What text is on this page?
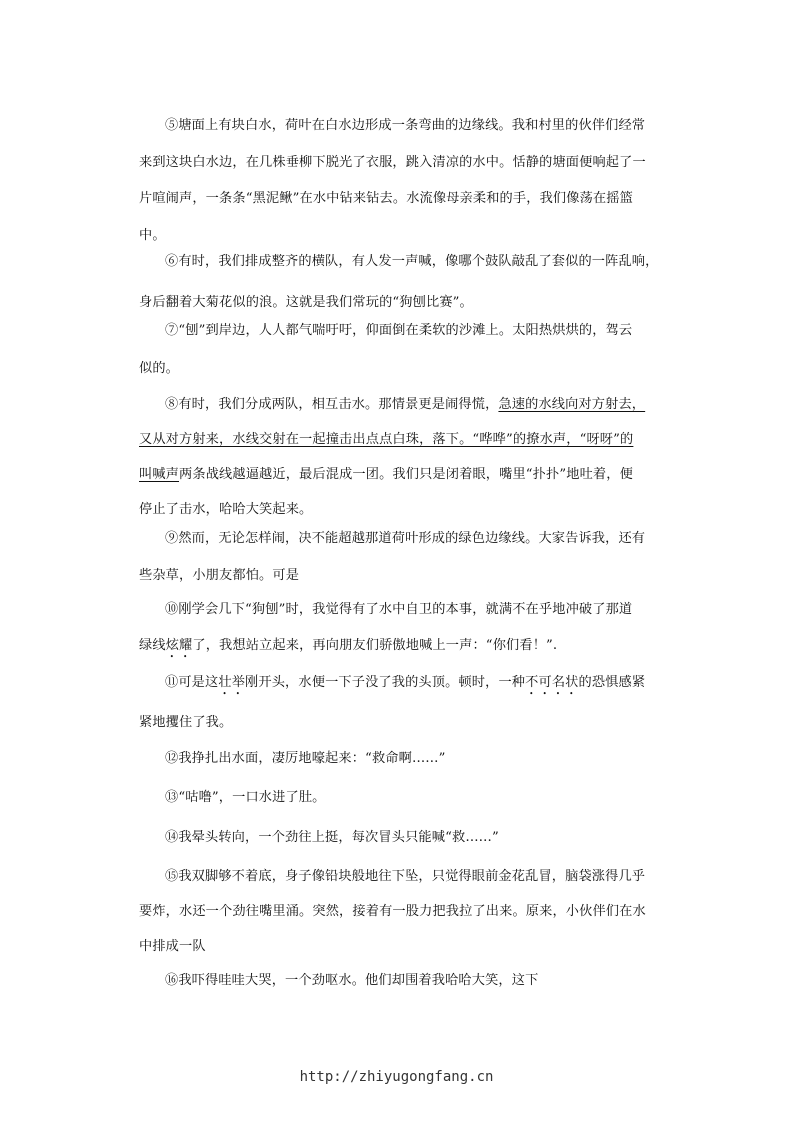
⑤塘面上有块白水，荷叶在白水边形成一条弯曲的边缘线。我和村里的伙伴们经常
来到这块白水边，在几株垂柳下脱光了衣服，跳入清凉的水中。恬静的塘面便响起了一
片喧闹声，一条条“黑泥鳅”在水中钻来钻去。水流像母亲柔和的手，我们像荡在摇篮
中。
⑥有时，我们排成整齐的横队，有人发一声喊，像哪个鼓队敲乱了套似的一阵乱响，
身后翻着大菊花似的浪。这就是我们常玩的“狗刨比赛”。
⑦“刨”到岸边，人人都气喘吁吁，仰面倒在柔软的沙滩上。太阳热烘烘的，驾云
似的。
⑧有时，我们分成两队，相互击水。那情景更是闹得慌，急速的水线向对方射去，
又从对方射来，水线交射在一起撞击出点点白珠，落下。“哗哗”的撩水声，“呀呀”的
叫喊声两条战线越逼越近，最后混成一团。我们只是闭着眼，嘴里“扑扑”地吐着，便
停止了击水，哈哈大笑起来。
⑨然而，无论怎样闹，决不能超越那道荷叶形成的绿色边缘线。大家告诉我，还有
些杂草，小朋友都怕。可是
⑩刚学会几下“狗刨”时，我觉得有了水中自卫的本事，就满不在乎地冲破了那道
绿线炫耀了，我想站立起来，再向朋友们骄傲地喊上一声：“你们看！”.
⑪可是这壮举刚开头，水便一下子没了我的头顶。顿时，一种不可名状的恐惧感紧
紧地攫住了我。
⑫我挣扎出水面，凄厉地嚎起来：“救命啊……”
⑬“咕噜”，一口水进了肚。
⑭我晕头转向，一个劲往上挺，每次冒头只能喊“救……”
⑮我双脚够不着底，身子像铅块般地往下坠，只觉得眼前金花乱冒，脑袋涨得几乎
要炸，水还一个劲往嘴里涌。突然，接着有一股力把我拉了出来。原来，小伙伴们在水
中排成一队
⑯我吓得哇哇大哭，一个劲呕水。他们却围着我哈哈大笑，这下
http://zhiyugongfang.cn
